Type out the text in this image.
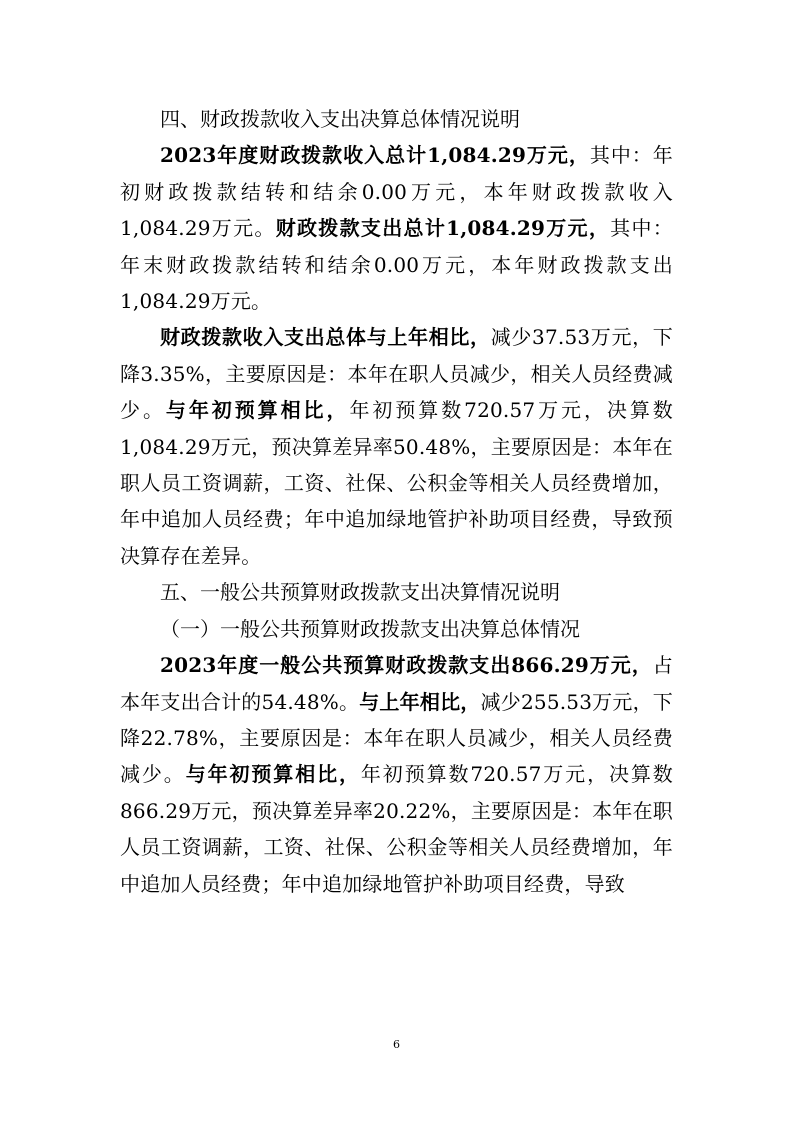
四、财政拨款收入支出决算总体情况说明

2023年度财政拨款收入总计1,084.29万元，其中：年初财政拨款结转和结余0.00万元，本年财政拨款收入1,084.29万元。财政拨款支出总计1,084.29万元，其中：年末财政拨款结转和结余0.00万元，本年财政拨款支出1,084.29万元。

财政拨款收入支出总体与上年相比，减少37.53万元，下降3.35%，主要原因是：本年在职人员减少，相关人员经费减少。与年初预算相比，年初预算数720.57万元，决算数1,084.29万元，预决算差异率50.48%，主要原因是：本年在职人员工资调薪，工资、社保、公积金等相关人员经费增加，年中追加人员经费；年中追加绿地管护补助项目经费，导致预决算存在差异。

五、一般公共预算财政拨款支出决算情况说明

（一）一般公共预算财政拨款支出决算总体情况

2023年度一般公共预算财政拨款支出866.29万元，占本年支出合计的54.48%。与上年相比，减少255.53万元，下降22.78%，主要原因是：本年在职人员减少，相关人员经费减少。与年初预算相比，年初预算数720.57万元，决算数866.29万元，预决算差异率20.22%，主要原因是：本年在职人员工资调薪，工资、社保、公积金等相关人员经费增加，年中追加人员经费；年中追加绿地管护补助项目经费，导致

6
